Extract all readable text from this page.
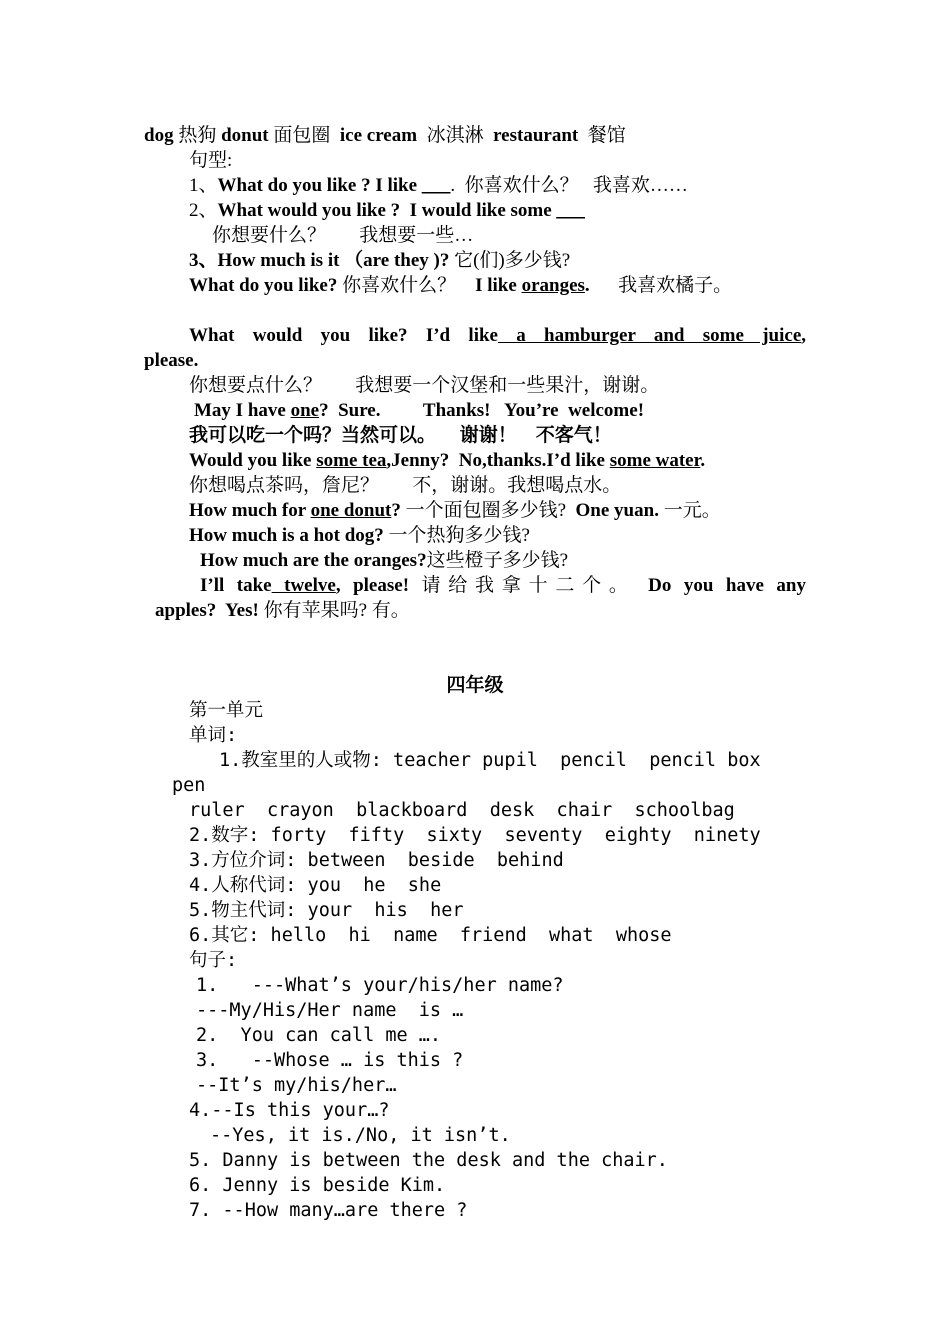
dog 热狗 donut 面包圈  ice cream  冰淇淋  restaurant  餐馆
句型:
1、What do you like ? I like ___.  你喜欢什么？   我喜欢……
2、What would you like ?  I would like some ___
你想要什么？       我想要一些…
3、How much is it （are they )? 它(们)多少钱?
What do you like? 你喜欢什么？    I like oranges.      我喜欢橘子。
What would you like? I’d like a hamburger and some juice,
please.
你想要点什么？       我想要一个汉堡和一些果汁，谢谢。
May I have one?  Sure.         Thanks!   You’re  welcome!
我可以吃一个吗？当然可以。     谢谢！    不客气！
Would you like some tea,Jenny?  No,thanks.I’d like some water.
你想喝点茶吗，詹尼？       不，谢谢。我想喝点水。
How much for one donut? 一个面包圈多少钱?  One yuan. 一元。
How much is a hot dog? 一个热狗多少钱?
How much are the oranges?这些橙子多少钱?
I’ll take twelve, please! 请给我拿十二个。 Do you have any
apples?  Yes! 你有苹果吗? 有。
四年级
第一单元
单词:
1.教室里的人或物: teacher pupil  pencil  pencil box
pen
ruler  crayon  blackboard  desk  chair  schoolbag
2.数字: forty  fifty  sixty  seventy  eighty  ninety
3.方位介词: between  beside  behind
4.人称代词: you  he  she
5.物主代词: your  his  her
6.其它: hello  hi  name  friend  what  whose
句子:
1.   ---What’s your/his/her name?
---My/His/Her name  is …
2.  You can call me ….
3.   --Whose … is this ?
--It’s my/his/her…
4.--Is this your…?
--Yes, it is./No, it isn’t.
5. Danny is between the desk and the chair.
6. Jenny is beside Kim.
7. --How many…are there ?
